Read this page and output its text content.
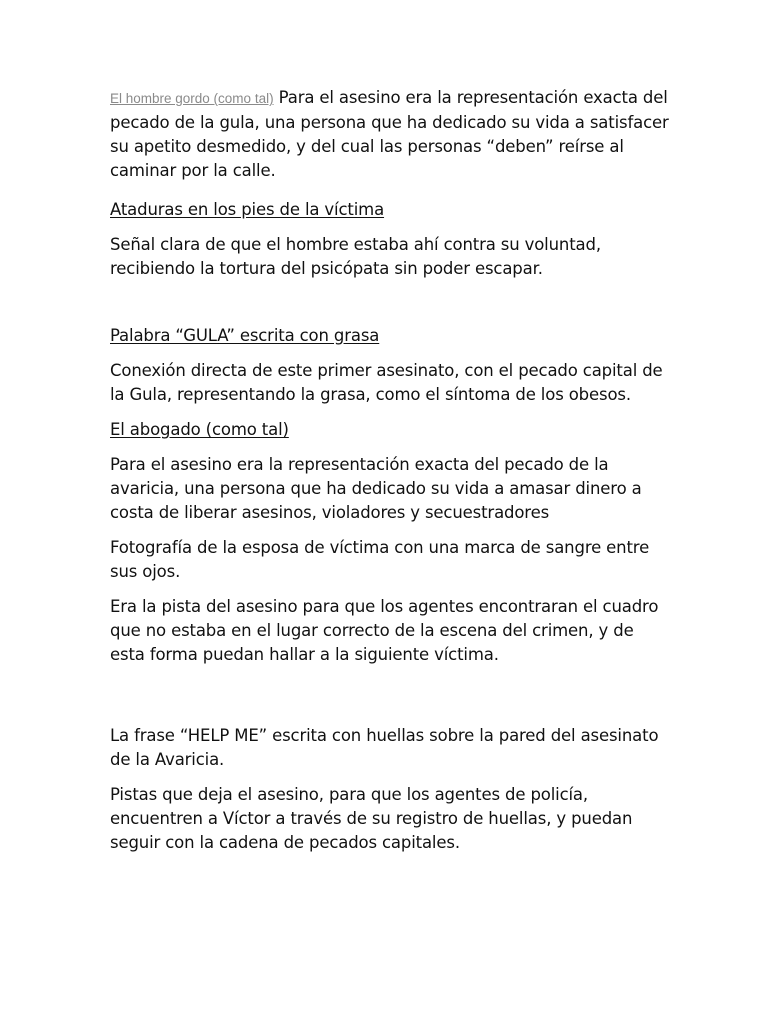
El hombre gordo (como tal) Para el asesino era la representación exacta del pecado de la gula, una persona que ha dedicado su vida a satisfacer su apetito desmedido, y del cual las personas “deben” reírse al caminar por la calle.

Ataduras en los pies de la víctima

Señal clara de que el hombre estaba ahí contra su voluntad, recibiendo la tortura del psicópata sin poder escapar.

Palabra “GULA” escrita con grasa

Conexión directa de este primer asesinato, con el pecado capital de la Gula, representando la grasa, como el síntoma de los obesos.

El abogado (como tal)

Para el asesino era la representación exacta del pecado de la avaricia, una persona que ha dedicado su vida a amasar dinero a costa de liberar asesinos, violadores y secuestradores

Fotografía de la esposa de víctima con una marca de sangre entre sus ojos.

Era la pista del asesino para que los agentes encontraran el cuadro que no estaba en el lugar correcto de la escena del crimen, y de esta forma puedan hallar a la siguiente víctima.

La frase “HELP ME” escrita con huellas sobre la pared del asesinato de la Avaricia.

Pistas que deja el asesino, para que los agentes de policía, encuentren a Víctor a través de su registro de huellas, y puedan seguir con la cadena de pecados capitales.
